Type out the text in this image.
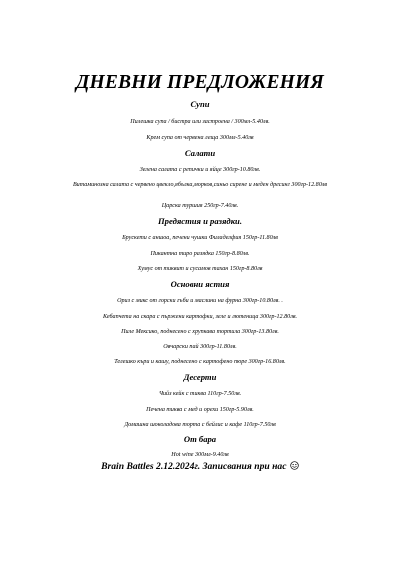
ДНЕВНИ ПРЕДЛОЖЕНИЯ
Супи
Пилешка супа / бистра или застроена / 300мл-5.40лв.
Крем супа от червена леща 300мл-5.40лв
Салати
Зелена салата с репички и яйце 300гр-10.80лв.
Витаминозна салата с червено цвекло,ябълка,морков,синьо сирене и меден дресинг 300гр-12.80лв
Царска туршия 250гр-7.40лв.
Предястия и разядки.
Брускети с аншоа, печени чушки Филаделфия 150гр-11.80лв
Пикантна тиро разядка 150гр-8.80лв.
Хумус от тиквит и сусамов тахан 150гр-8.80лв
Основни ястия
Ориз с микс от горски гъби и маслини на фурна 300гр-10.80лв. .
Кебапчета на скара с пържени картофки, зеле и лютеница 300гр-12.80лв.
Пиле Мексико, поднесено с хрупкава тортила 300гр-13.80лв.
Овчарски пай 300гр-11.80лв.
Телешко къри и кашу, поднесено с картофено пюре 300гр-16.80лв.
Десерти
Чийз кейк с тиква 110гр-7.50лв.
Печена тиква с мед и орехи 150гр-5.90лв.
Домашна шоколадова торта с бейлис и кафе 110гр-7.50лв
От бара
Hot wine 300мл-9.40лв
Brain Battles 2.12.2024г. Записвания при нас
